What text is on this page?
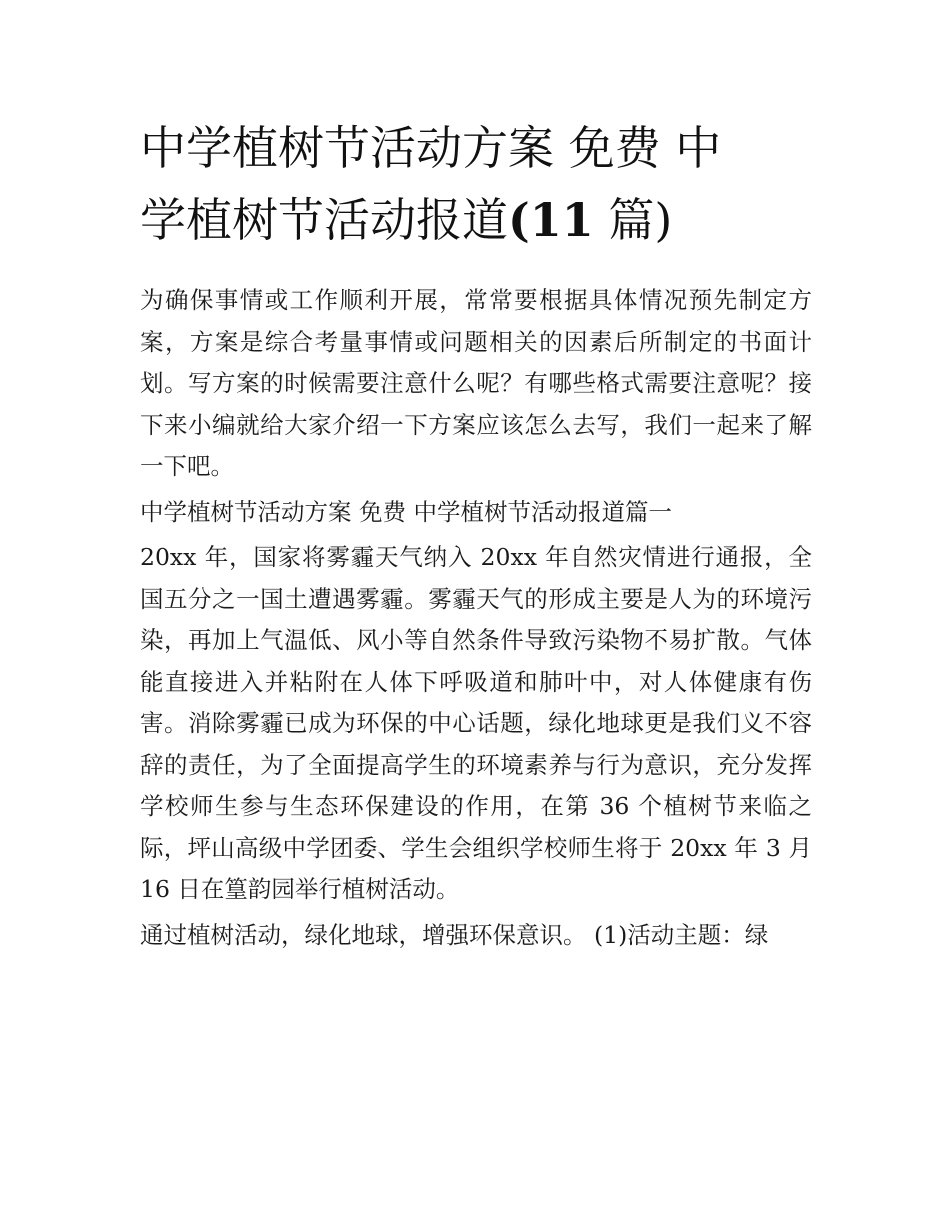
中学植树节活动方案 免费 中
学植树节活动报道(11 篇)

为确保事情或工作顺利开展，常常要根据具体情况预先制定方案，方案是综合考量事情或问题相关的因素后所制定的书面计划。写方案的时候需要注意什么呢？有哪些格式需要注意呢？接下来小编就给大家介绍一下方案应该怎么去写，我们一起来了解一下吧。

中学植树节活动方案 免费 中学植树节活动报道篇一

20xx 年，国家将雾霾天气纳入 20xx 年自然灾情进行通报，全国五分之一国土遭遇雾霾。雾霾天气的形成主要是人为的环境污染，再加上气温低、风小等自然条件导致污染物不易扩散。气体能直接进入并粘附在人体下呼吸道和肺叶中，对人体健康有伤害。消除雾霾已成为环保的中心话题，绿化地球更是我们义不容辞的责任，为了全面提高学生的环境素养与行为意识，充分发挥学校师生参与生态环保建设的作用，在第 36 个植树节来临之际，坪山高级中学团委、学生会组织学校师生将于 20xx 年 3 月 16 日在篁韵园举行植树活动。

通过植树活动，绿化地球，增强环保意识。 (1)活动主题：绿
